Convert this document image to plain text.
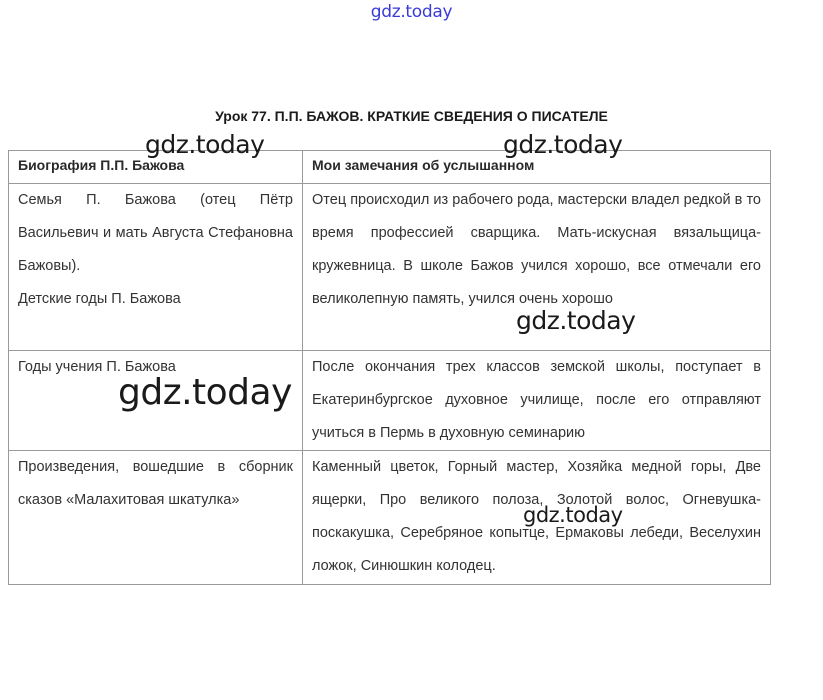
gdz.today
Урок 77. П.П. БАЖОВ. КРАТКИЕ СВЕДЕНИЯ О ПИСАТЕЛЕ
Биография П.П. Бажова	Мои замечания об услышанном

Семья П. Бажова (отец Пётр Васильевич и мать Августа Стефановна Бажовы).
Детские годы П. Бажова	Отец происходил из рабочего рода, мастерски владел редкой в то время профессией сварщика. Мать-искусная вязальщица-кружевница. В школе Бажов учился хорошо, все отмечали его великолепную память, учился очень хорошо

Годы учения П. Бажова	После окончания трех классов земской школы, поступает в Екатеринбургское духовное училище, после его отправляют учиться в Пермь в духовную семинарию

Произведения, вошедшие в сборник сказов «Малахитовая шкатулка»	Каменный цветок, Горный мастер, Хозяйка медной горы, Две ящерки, Про великого полоза, Золотой волос, Огневушка-поскакушка, Серебряное копытце, Ермаковы лебеди, Веселухин ложок, Синюшкин колодец.
gdz.today	gdz.today
gdz.today
gdz.today
gdz.today
